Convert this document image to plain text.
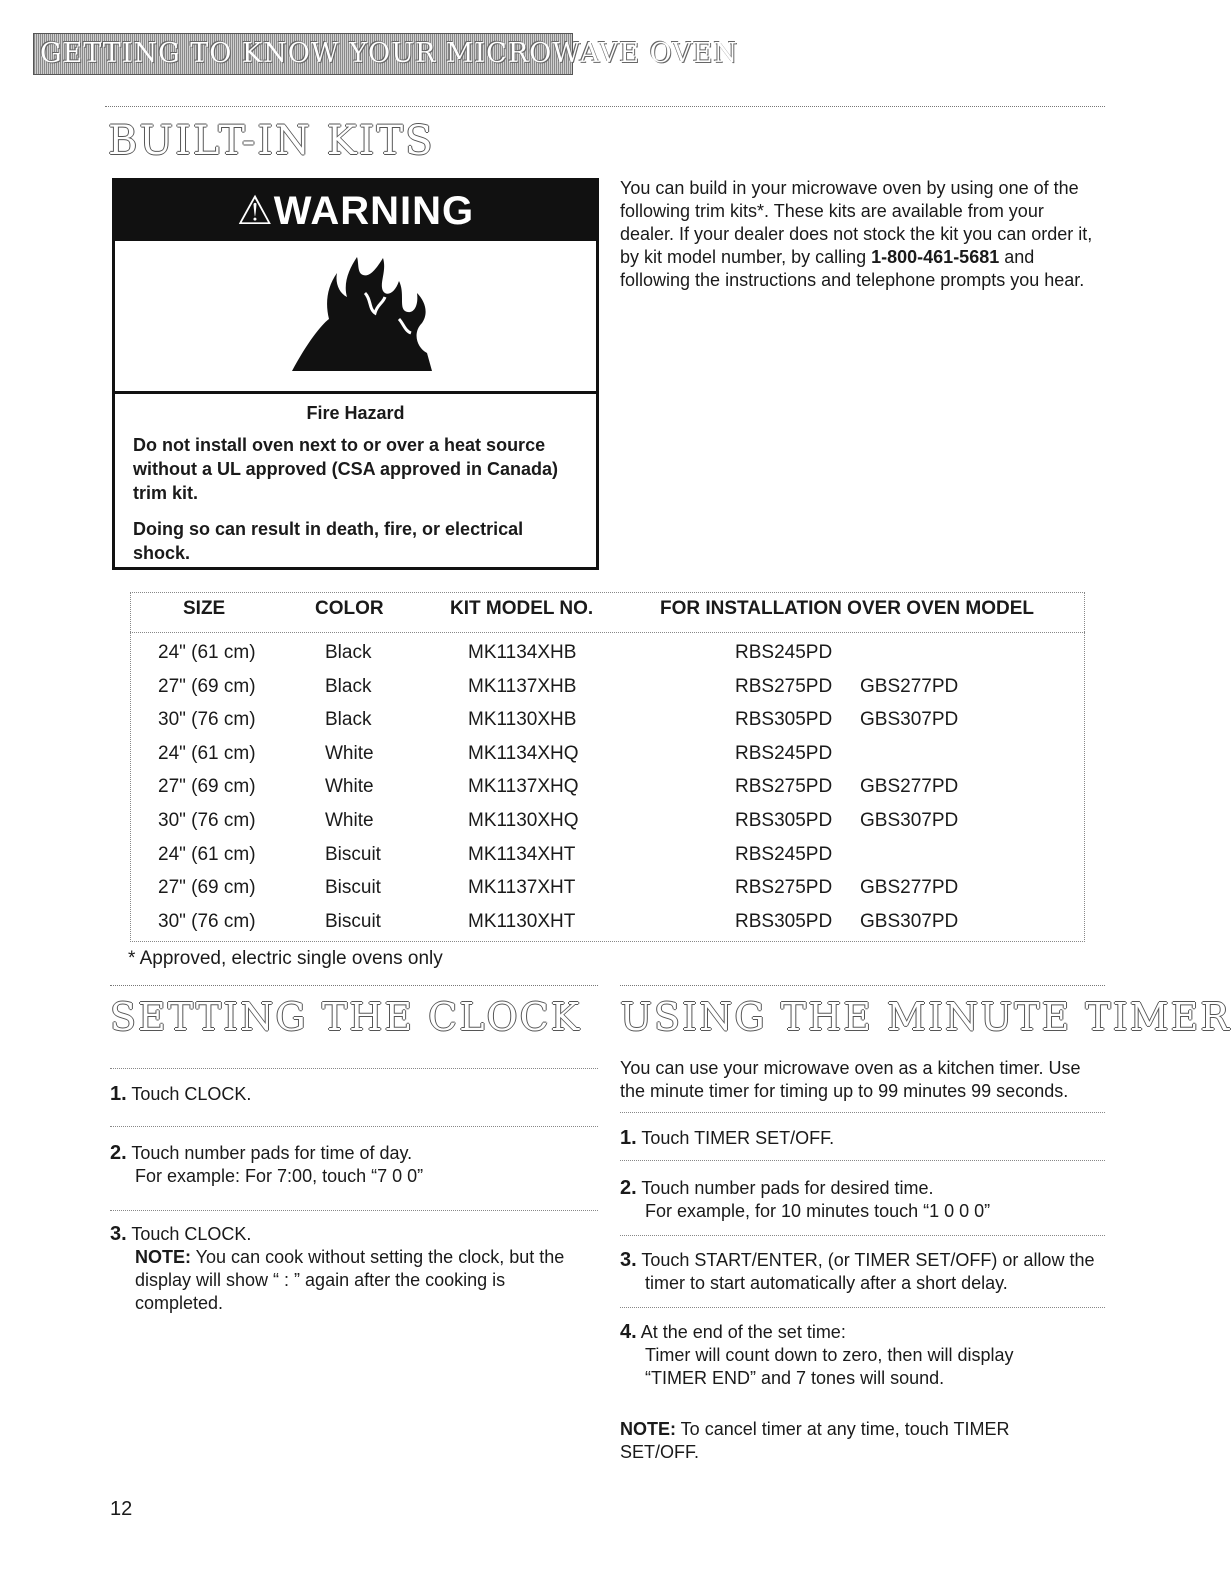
GETTING TO KNOW YOUR MICROWAVE OVEN
BUILT-IN KITS
⚠WARNING
Fire Hazard
Do not install oven next to or over a heat source without a UL approved (CSA approved in Canada) trim kit.
Doing so can result in death, fire, or electrical shock.
You can build in your microwave oven by using one of the following trim kits*. These kits are available from your dealer. If your dealer does not stock the kit you can order it, by kit model number, by calling 1-800-461-5681 and following the instructions and telephone prompts you hear.
SIZE	COLOR	KIT MODEL NO.	FOR INSTALLATION OVER OVEN MODEL
24" (61 cm)	Black	MK1134XHB	RBS245PD
27" (69 cm)	Black	MK1137XHB	RBS275PD GBS277PD
30" (76 cm)	Black	MK1130XHB	RBS305PD GBS307PD
24" (61 cm)	White	MK1134XHQ	RBS245PD
27" (69 cm)	White	MK1137XHQ	RBS275PD GBS277PD
30" (76 cm)	White	MK1130XHQ	RBS305PD GBS307PD
24" (61 cm)	Biscuit	MK1134XHT	RBS245PD
27" (69 cm)	Biscuit	MK1137XHT	RBS275PD GBS277PD
30" (76 cm)	Biscuit	MK1130XHT	RBS305PD GBS307PD
* Approved, electric single ovens only
SETTING THE CLOCK
1. Touch CLOCK.
2. Touch number pads for time of day.
For example: For 7:00, touch “7 0 0”
3. Touch CLOCK.
NOTE: You can cook without setting the clock, but the display will show “ : ” again after the cooking is completed.
USING THE MINUTE TIMER
You can use your microwave oven as a kitchen timer. Use the minute timer for timing up to 99 minutes 99 seconds.
1. Touch TIMER SET/OFF.
2. Touch number pads for desired time.
For example, for 10 minutes touch “1 0 0 0”
3. Touch START/ENTER, (or TIMER SET/OFF) or allow the timer to start automatically after a short delay.
4. At the end of the set time:
Timer will count down to zero, then will display “TIMER END” and 7 tones will sound.
NOTE: To cancel timer at any time, touch TIMER SET/OFF.
12
